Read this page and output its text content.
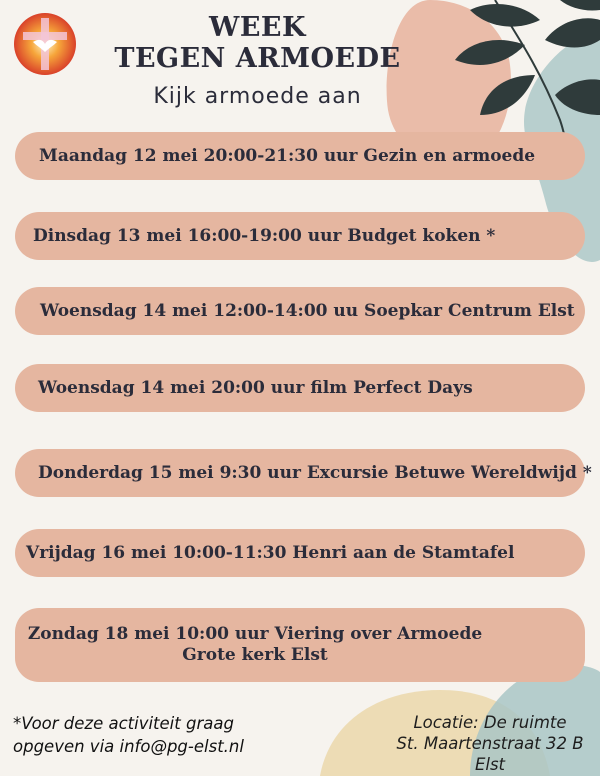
WEEK
TEGEN ARMOEDE
Kijk armoede aan
Maandag 12 mei 20:00-21:30 uur Gezin en armoede
Dinsdag 13 mei 16:00-19:00 uur Budget koken *
Woensdag 14 mei 12:00-14:00 uu Soepkar Centrum Elst
Woensdag 14 mei 20:00 uur film Perfect Days
Donderdag 15 mei 9:30 uur Excursie Betuwe Wereldwijd *
Vrijdag 16 mei 10:00-11:30 Henri aan de Stamtafel
Zondag 18 mei 10:00 uur Viering over Armoede
Grote kerk Elst
*Voor deze activiteit graag
opgeven via info@pg-elst.nl
Locatie: De ruimte
St. Maartenstraat 32 B
Elst
